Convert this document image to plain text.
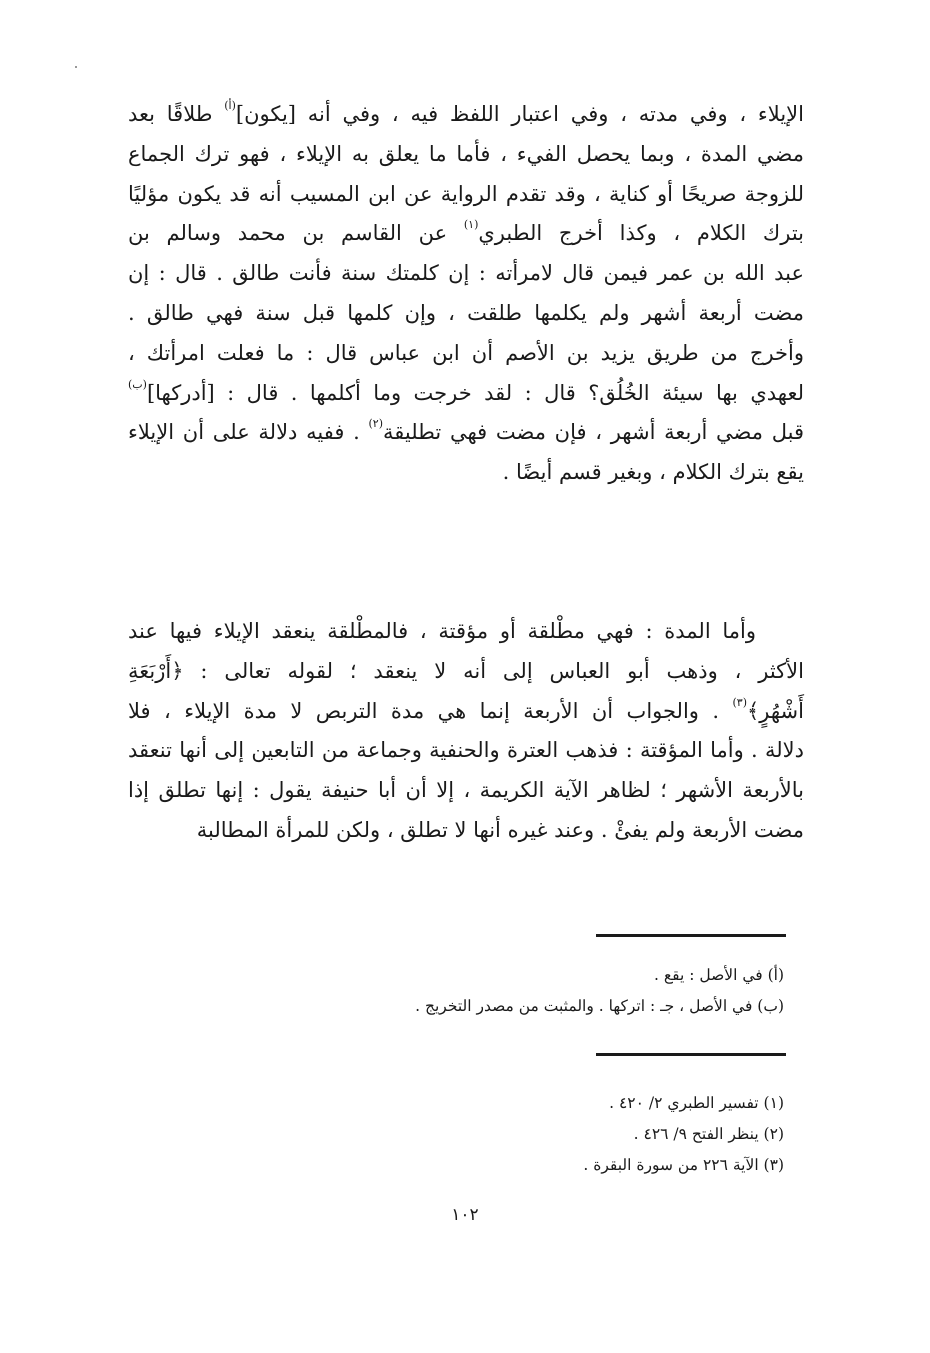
الإيلاء ، وفي مدته ، وفي اعتبار اللفظ فيه ، وفي أنه [يكون]$^{(أ)}$ طلاقًا بعد
مضي المدة ، وبما يحصل الفيء ، فأما ما يعلق به الإيلاء ، فهو ترك الجماع
للزوجة صريحًا أو كناية ، وقد تقدم الرواية عن ابن المسيب أنه قد يكون مؤليًا
بترك الكلام ، وكذا أخرج الطبري$^{(١)}$ عن القاسم بن محمد وسالم بن
عبد الله بن عمر فيمن قال لامرأته : إن كلمتك سنة فأنت طالق . قال : إن
مضت أربعة أشهر ولم يكلمها طلقت ، وإن كلمها قبل سنة فهي طالق .
وأخرج من طريق يزيد بن الأصم أن ابن عباس قال : ما فعلت امرأتك ،
لعهدي بها سيئة الخُلُق؟ قال : لقد خرجت وما أكلمها . قال : [أدركها]$^{(ب)}$
قبل مضي أربعة أشهر ، فإن مضت فهي تطليقة$^{(٢)}$ . ففيه دلالة على أن الإيلاء
يقع بترك الكلام ، وبغير قسم أيضًا .
وأما المدة : فهي مطْلقة أو مؤقتة ، فالمطْلقة ينعقد الإيلاء فيها عند
الأكثر ، وذهب أبو العباس إلى أنه لا ينعقد ؛ لقوله تعالى : ﴿أَرْبَعَةِ
أَشْهُرٍ﴾$^{(٣)}$ . والجواب أن الأربعة إنما هي مدة التربص لا مدة الإيلاء ، فلا
دلالة . وأما المؤقتة : فذهب العترة والحنفية وجماعة من التابعين إلى أنها تنعقد
بالأربعة الأشهر ؛ لظاهر الآية الكريمة ، إلا أن أبا حنيفة يقول : إنها تطلق إذا
مضت الأربعة ولم يفئْ . وعند غيره أنها لا تطلق ، ولكن للمرأة المطالبة
(أ) في الأصل : يقع .
(ب) في الأصل ، جـ : اتركها . والمثبت من مصدر التخريج .
(١) تفسير الطبري ٢/ ٤٢٠ .
(٢) ينظر الفتح ٩/ ٤٢٦ .
(٣) الآية ٢٢٦ من سورة البقرة .
١٠٢
